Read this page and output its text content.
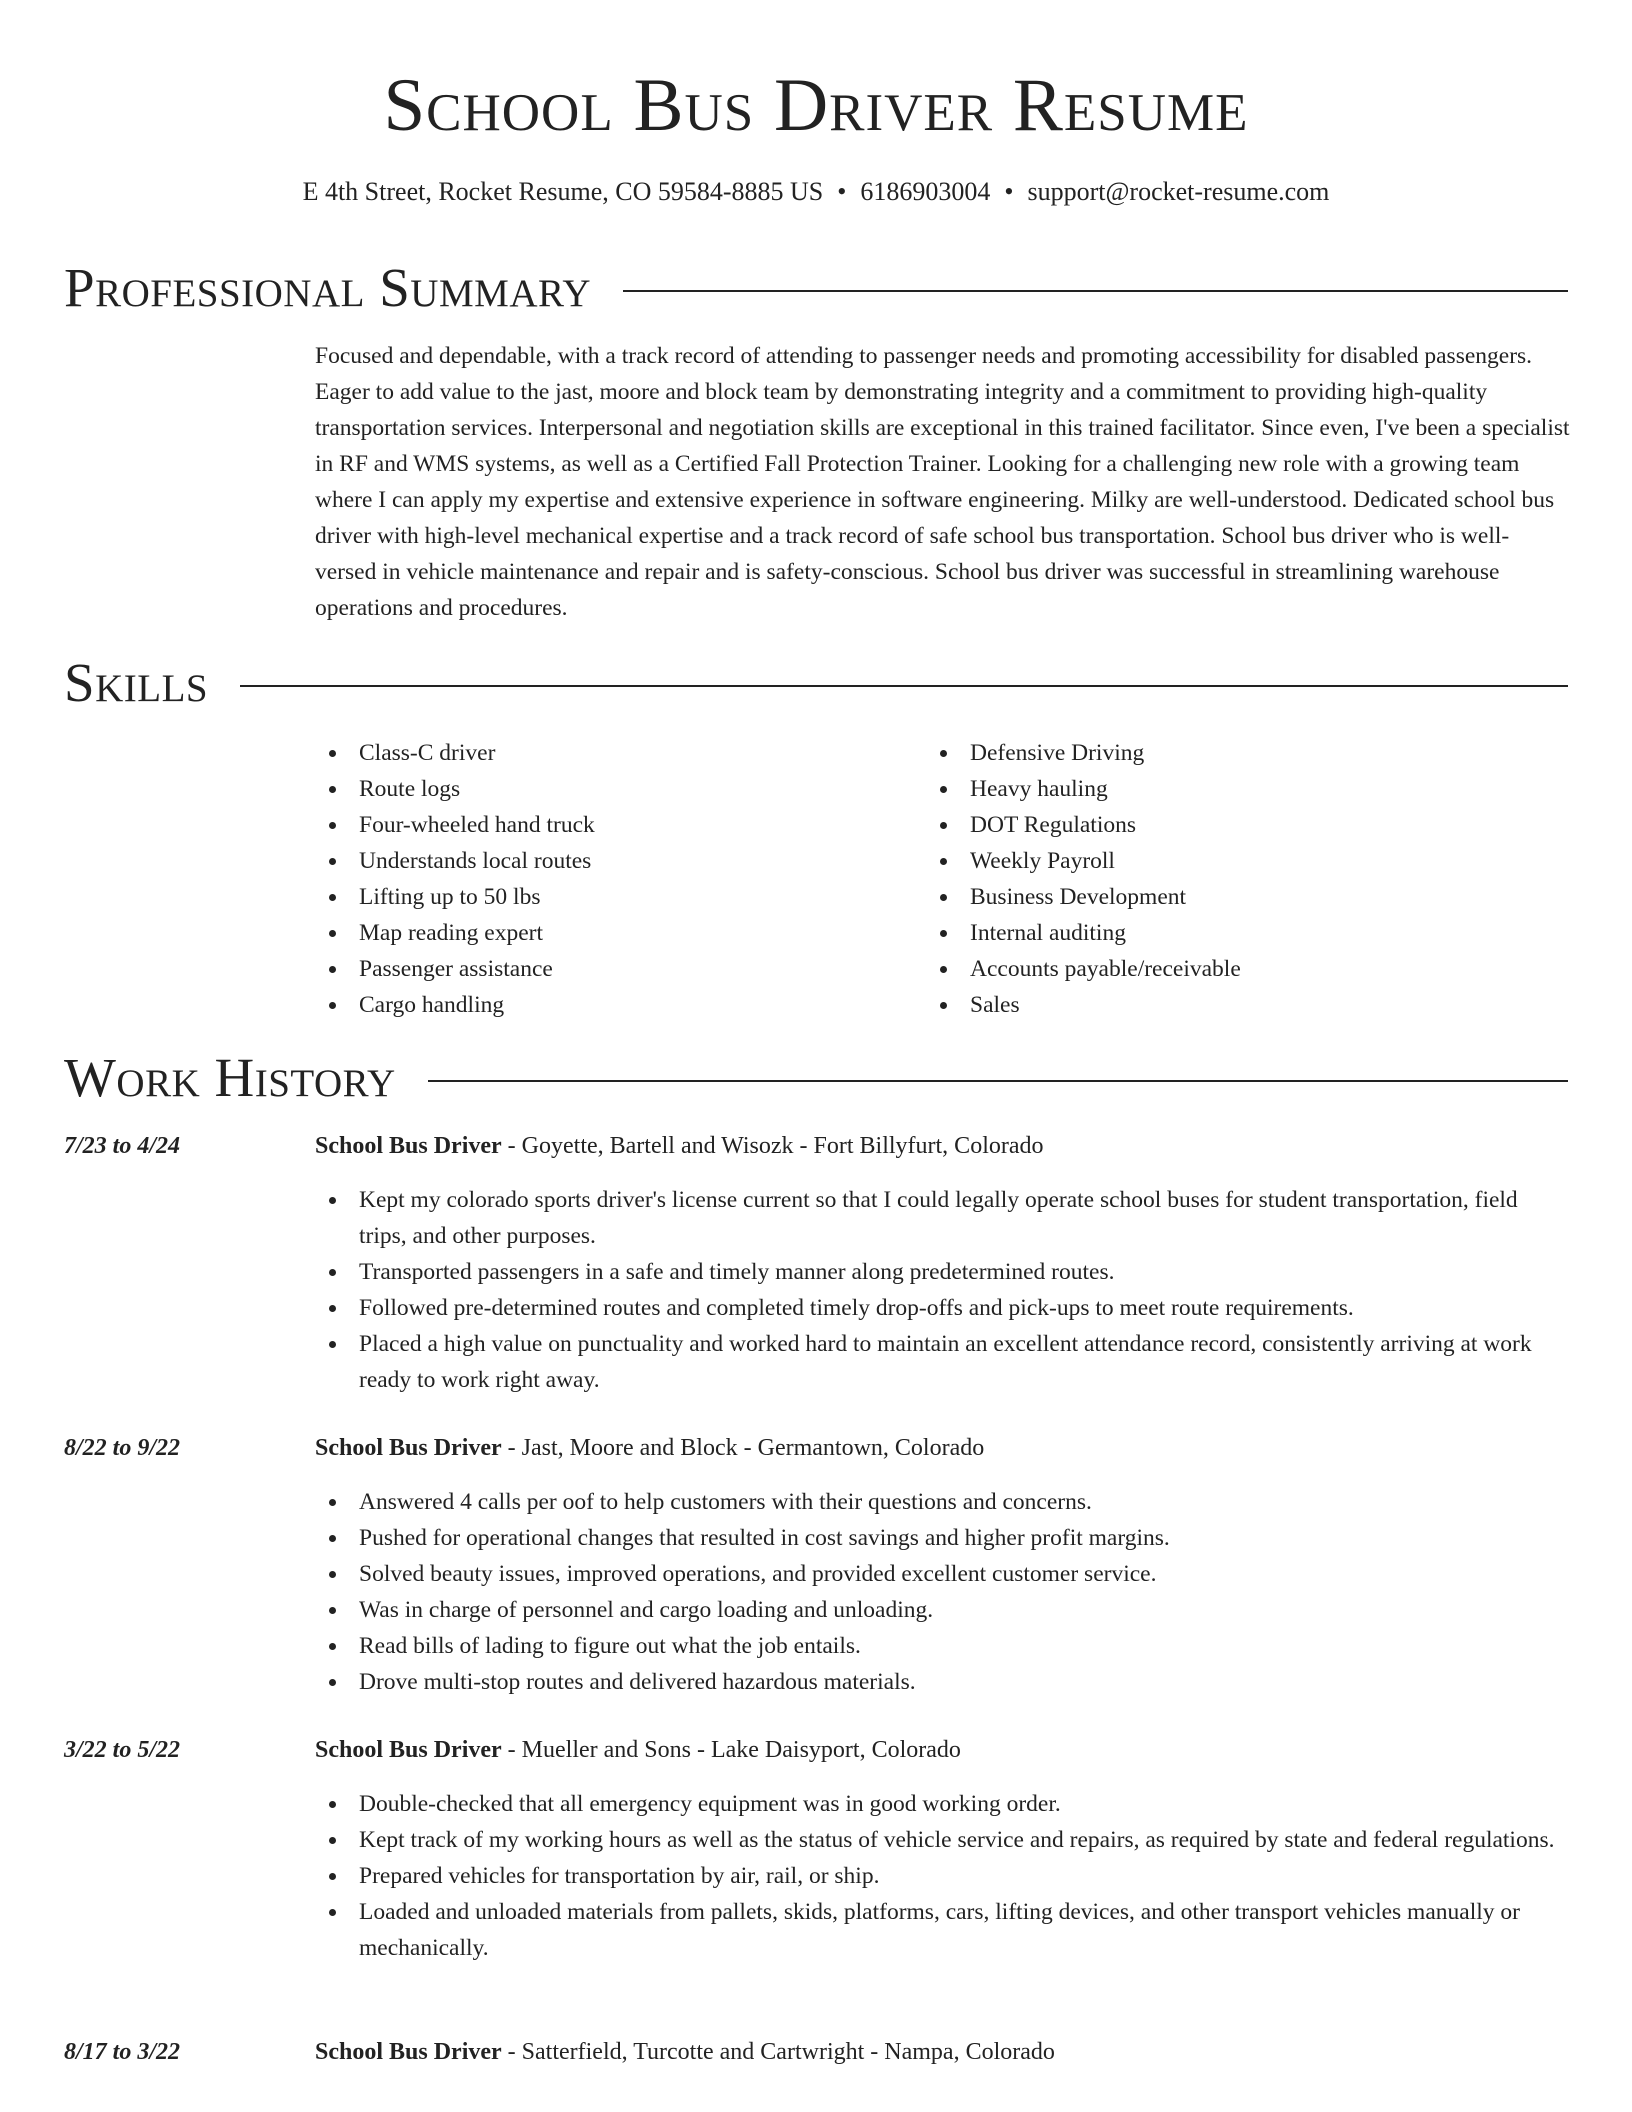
School Bus Driver Resume
E 4th Street, Rocket Resume, CO 59584-8885 US • 6186903004 • support@rocket-resume.com
Professional Summary

Focused and dependable, with a track record of attending to passenger needs and promoting accessibility for disabled passengers. Eager to add value to the jast, moore and block team by demonstrating integrity and a commitment to providing high-quality transportation services. Interpersonal and negotiation skills are exceptional in this trained facilitator. Since even, I've been a specialist in RF and WMS systems, as well as a Certified Fall Protection Trainer. Looking for a challenging new role with a growing team where I can apply my expertise and extensive experience in software engineering. Milky are well-understood. Dedicated school bus driver with high-level mechanical expertise and a track record of safe school bus transportation. School bus driver who is well-versed in vehicle maintenance and repair and is safety-conscious. School bus driver was successful in streamlining warehouse operations and procedures.

Skills
Class-C driver
Route logs
Four-wheeled hand truck
Understands local routes
Lifting up to 50 lbs
Map reading expert
Passenger assistance
Cargo handling
Defensive Driving
Heavy hauling
DOT Regulations
Weekly Payroll
Business Development
Internal auditing
Accounts payable/receivable
Sales
Work History
7/23 to 4/24	School Bus Driver - Goyette, Bartell and Wisozk - Fort Billyfurt, Colorado
Kept my colorado sports driver's license current so that I could legally operate school buses for student transportation, field trips, and other purposes.
Transported passengers in a safe and timely manner along predetermined routes.
Followed pre-determined routes and completed timely drop-offs and pick-ups to meet route requirements.
Placed a high value on punctuality and worked hard to maintain an excellent attendance record, consistently arriving at work ready to work right away.
8/22 to 9/22	School Bus Driver - Jast, Moore and Block - Germantown, Colorado
Answered 4 calls per oof to help customers with their questions and concerns.
Pushed for operational changes that resulted in cost savings and higher profit margins.
Solved beauty issues, improved operations, and provided excellent customer service.
Was in charge of personnel and cargo loading and unloading.
Read bills of lading to figure out what the job entails.
Drove multi-stop routes and delivered hazardous materials.
3/22 to 5/22	School Bus Driver - Mueller and Sons - Lake Daisyport, Colorado
Double-checked that all emergency equipment was in good working order.
Kept track of my working hours as well as the status of vehicle service and repairs, as required by state and federal regulations.
Prepared vehicles for transportation by air, rail, or ship.
Loaded and unloaded materials from pallets, skids, platforms, cars, lifting devices, and other transport vehicles manually or mechanically.
8/17 to 3/22	School Bus Driver - Satterfield, Turcotte and Cartwright - Nampa, Colorado
